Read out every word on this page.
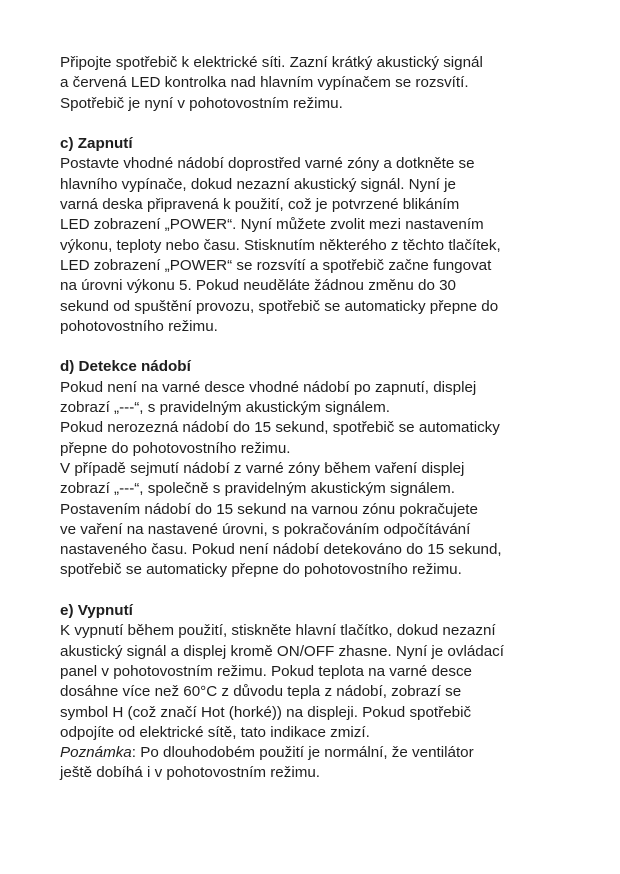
Připojte spotřebič k elektrické síti. Zazní krátký akustický signál
a červená LED kontrolka nad hlavním vypínačem se rozsvítí.
Spotřebič je nyní v pohotovostním režimu.
c) Zapnutí
Postavte vhodné nádobí doprostřed varné zóny a dotkněte se
hlavního vypínače, dokud nezazní akustický signál. Nyní je
varná deska připravená k použití, což je potvrzené blikáním
LED zobrazení „POWER“. Nyní můžete zvolit mezi nastavením
výkonu, teploty nebo času. Stisknutím některého z těchto tlačítek,
LED zobrazení „POWER“ se rozsvítí a spotřebič začne fungovat
na úrovni výkonu 5. Pokud neuděláte žádnou změnu do 30
sekund od spuštění provozu, spotřebič se automaticky přepne do
pohotovostního režimu.
d) Detekce nádobí
Pokud není na varné desce vhodné nádobí po zapnutí, displej
zobrazí „---“, s pravidelným akustickým signálem.
Pokud nerozezná nádobí do 15 sekund, spotřebič se automaticky
přepne do pohotovostního režimu.
V případě sejmutí nádobí z varné zóny během vaření displej
zobrazí „---“, společně s pravidelným akustickým signálem.
Postavením nádobí do 15 sekund na varnou zónu pokračujete
ve vaření na nastavené úrovni, s pokračováním odpočítávání
nastaveného času. Pokud není nádobí detekováno do 15 sekund,
spotřebič se automaticky přepne do pohotovostního režimu.
e) Vypnutí
K vypnutí během použití, stiskněte hlavní tlačítko, dokud nezazní
akustický signál a displej kromě ON/OFF zhasne. Nyní je ovládací
panel v pohotovostním režimu. Pokud teplota na varné desce
dosáhne více než 60°C z důvodu tepla z nádobí, zobrazí se
symbol H (což značí Hot (horké)) na displeji. Pokud spotřebič
odpojíte od elektrické sítě, tato indikace zmizí.
Poznámka: Po dlouhodobém použití je normální, že ventilátor
ještě dobíhá i v pohotovostním režimu.
